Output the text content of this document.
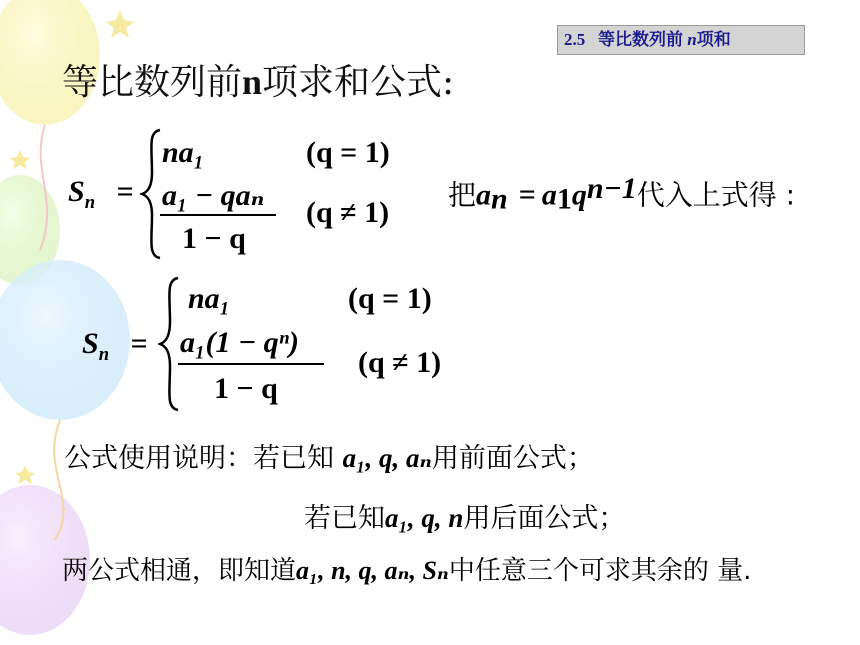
2.5 等比数列前 n项和
等比数列前n项求和公式:
$S_n$ =
na₁	(q = 1)
a₁ − qaₙ
1 − q
(q ≠ 1)
把$a_n = a_1q^{n-1}$代入上式得 :
$S_n$ =
na₁	(q = 1)
a₁(1 − qⁿ)
1 − q
(q ≠ 1)
公式使用说明：若已知 a₁, q, aₙ用前面公式；
若已知a₁, q, n用后面公式；
两公式相通，即知道a₁, n, q, aₙ, Sₙ中任意三个可求其余的 量.
